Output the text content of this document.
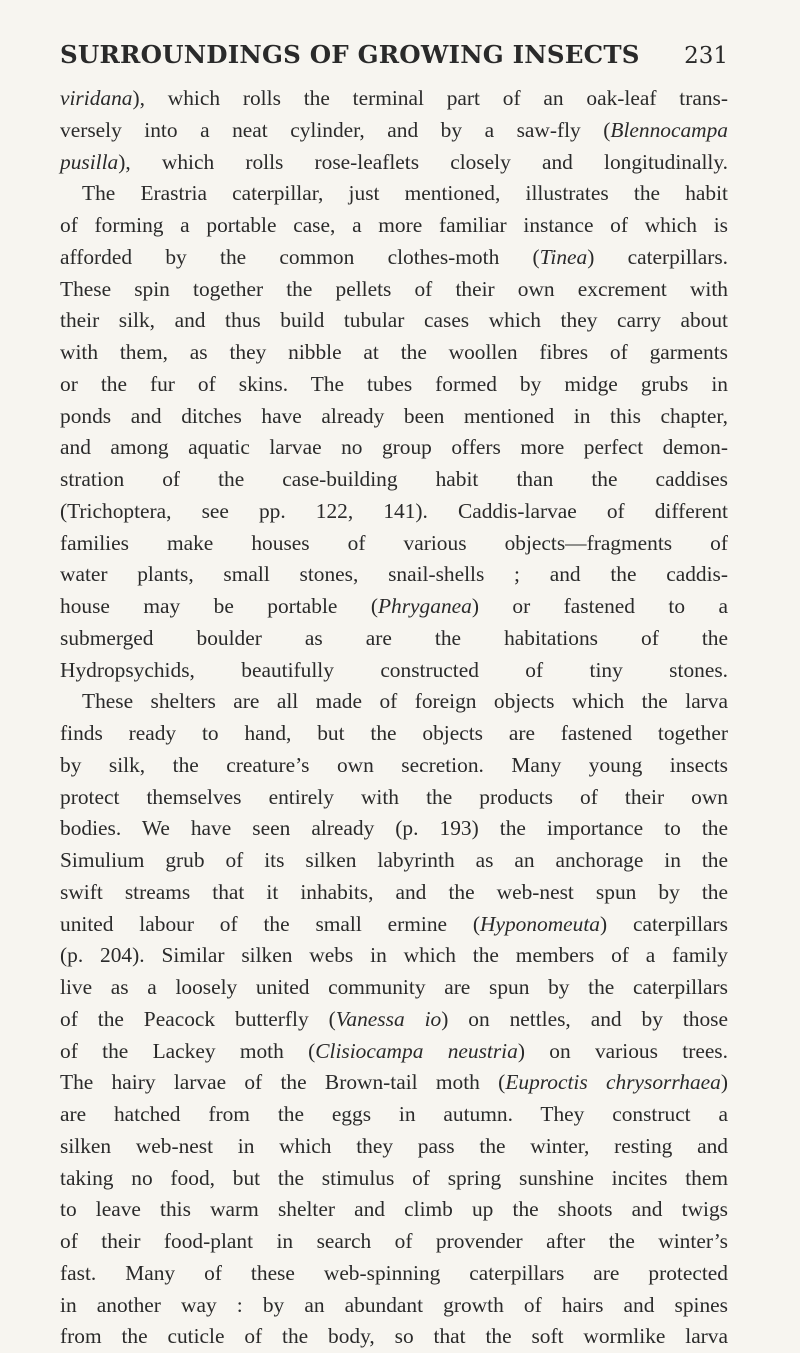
SURROUNDINGS OF GROWING INSECTS 231
viridana), which rolls the terminal part of an oak-leaf trans-
versely into a neat cylinder, and by a saw-fly (Blennocampa
pusilla), which rolls rose-leaflets closely and longitudinally.
The Erastria caterpillar, just mentioned, illustrates the habit
of forming a portable case, a more familiar instance of which is
afforded by the common clothes-moth (Tinea) caterpillars.
These spin together the pellets of their own excrement with
their silk, and thus build tubular cases which they carry about
with them, as they nibble at the woollen fibres of garments
or the fur of skins. The tubes formed by midge grubs in
ponds and ditches have already been mentioned in this chapter,
and among aquatic larvae no group offers more perfect demon-
stration of the case-building habit than the caddises
(Trichoptera, see pp. 122, 141). Caddis-larvae of different
families make houses of various objects—fragments of
water plants, small stones, snail-shells ; and the caddis-
house may be portable (Phryganea) or fastened to a
submerged boulder as are the habitations of the
Hydropsychids, beautifully constructed of tiny stones.
These shelters are all made of foreign objects which the larva
finds ready to hand, but the objects are fastened together
by silk, the creature’s own secretion. Many young insects
protect themselves entirely with the products of their own
bodies. We have seen already (p. 193) the importance to the
Simulium grub of its silken labyrinth as an anchorage in the
swift streams that it inhabits, and the web-nest spun by the
united labour of the small ermine (Hyponomeuta) caterpillars
(p. 204). Similar silken webs in which the members of a family
live as a loosely united community are spun by the caterpillars
of the Peacock butterfly (Vanessa io) on nettles, and by those
of the Lackey moth (Clisiocampa neustria) on various trees.
The hairy larvae of the Brown-tail moth (Euproctis chrysorrhaea)
are hatched from the eggs in autumn. They construct a
silken web-nest in which they pass the winter, resting and
taking no food, but the stimulus of spring sunshine incites them
to leave this warm shelter and climb up the shoots and twigs
of their food-plant in search of provender after the winter’s
fast. Many of these web-spinning caterpillars are protected
in another way : by an abundant growth of hairs and spines
from the cuticle of the body, so that the soft wormlike larva
